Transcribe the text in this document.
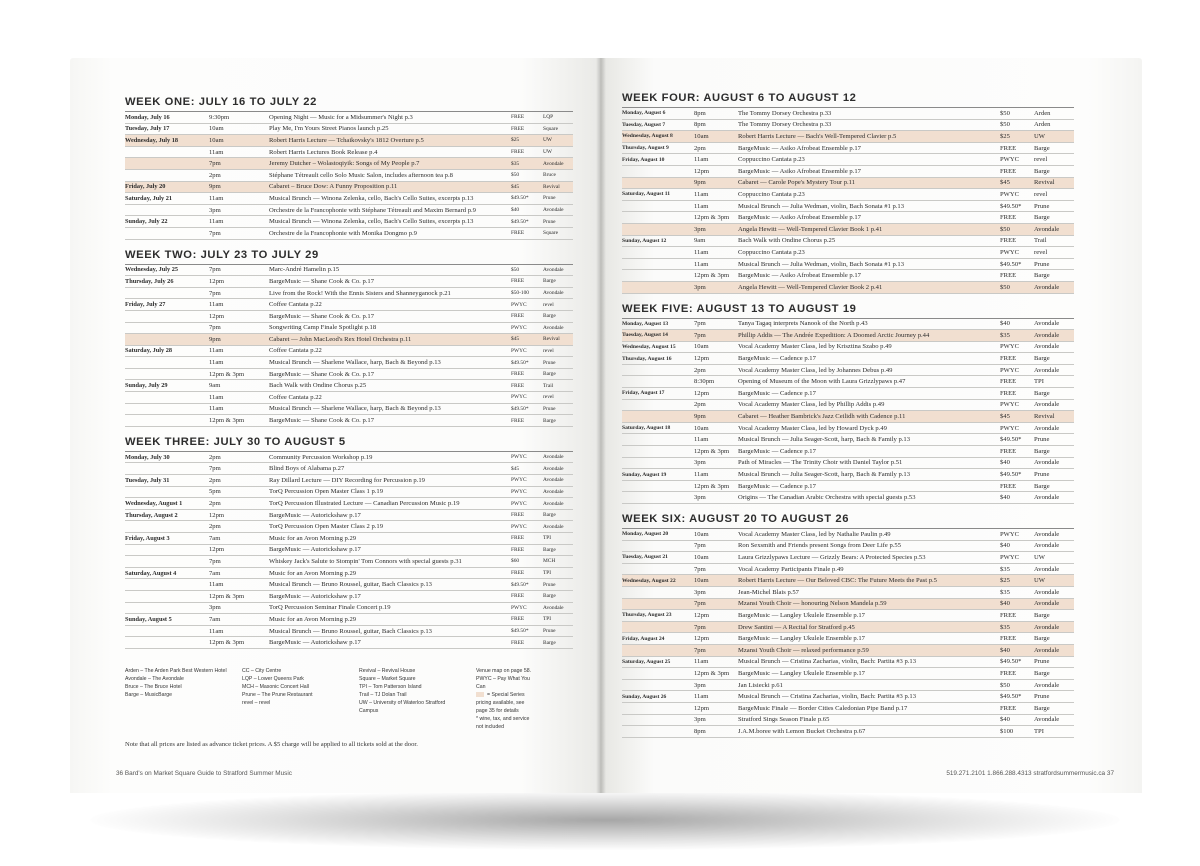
WEEK ONE: JULY 16 TO JULY 22
Monday, July 16	9:30pm	Opening Night — Music for a Midsummer's Night p.3	FREE	LQP
Tuesday, July 17	10am	Play Me, I'm Yours Street Pianos launch p.25	FREE	Square
Wednesday, July 18	10am	Robert Harris Lecture — Tchaikovsky's 1812 Overture p.5	$25	UW
11am	Robert Harris Lectures Book Release p.4	FREE	UW
7pm	Jeremy Dutcher – Wolastoqiyik: Songs of My People p.7	$35	Avondale
2pm	Stéphane Tétreault cello Solo Music Salon, includes afternoon tea p.8	$50	Bruce
Friday, July 20	9pm	Cabaret – Bruce Dow: A Funny Proposition p.11	$45	Revival
Saturday, July 21	11am	Musical Brunch — Winona Zelenka, cello, Bach's Cello Suites, excerpts p.13	$49.50*	Prune
3pm	Orchestre de la Francophonie with Stéphane Tétreault and Maxim Bernard p.9	$40	Avondale
Sunday, July 22	11am	Musical Brunch — Winona Zelenka, cello, Bach's Cello Suites, excerpts p.13	$49.50*	Prune
7pm	Orchestre de la Francophonie with Monika Dongmo p.9	FREE	Square
WEEK TWO: JULY 23 TO JULY 29
Wednesday, July 25	7pm	Marc-André Hamelin p.15	$50	Avondale
Thursday, July 26	12pm	BargeMusic — Shane Cook & Co. p.17	FREE	Barge
7pm	Live from the Rock! With the Ennis Sisters and Shanneyganock p.21	$50-100	Avondale
Friday, July 27	11am	Coffee Cantata p.22	PWYC	revel
12pm	BargeMusic — Shane Cook & Co. p.17	FREE	Barge
7pm	Songwriting Camp Finale Spotlight p.18	PWYC	Avondale
9pm	Cabaret — John MacLeod's Rex Hotel Orchestra p.11	$45	Revival
Saturday, July 28	11am	Coffee Cantata p.22	PWYC	revel
11am	Musical Brunch — Sharlene Wallace, harp, Bach & Beyond p.13	$49.50*	Prune
12pm & 3pm	BargeMusic — Shane Cook & Co. p.17	FREE	Barge
Sunday, July 29	9am	Bach Walk with Ondine Chorus p.25	FREE	Trail
11am	Coffee Cantata p.22	PWYC	revel
11am	Musical Brunch — Sharlene Wallace, harp, Bach & Beyond p.13	$49.50*	Prune
12pm & 3pm	BargeMusic — Shane Cook & Co. p.17	FREE	Barge
WEEK THREE: JULY 30 TO AUGUST 5
Monday, July 30	2pm	Community Percussion Workshop p.19	PWYC	Avondale
7pm	Blind Boys of Alabama p.27	$45	Avondale
Tuesday, July 31	2pm	Ray Dillard Lecture — DIY Recording for Percussion p.19	PWYC	Avondale
5pm	TorQ Percussion Open Master Class 1 p.19	PWYC	Avondale
Wednesday, August 1	2pm	TorQ Percussion Illustrated Lecture — Canadian Percussion Music p.19	PWYC	Avondale
Thursday, August 2	12pm	BargeMusic — Autorickshaw p.17	FREE	Barge
2pm	TorQ Percussion Open Master Class 2 p.19	PWYC	Avondale
Friday, August 3	7am	Music for an Avon Morning p.29	FREE	TPI
12pm	BargeMusic — Autorickshaw p.17	FREE	Barge
7pm	Whiskey Jack's Salute to Stompin' Tom Connors with special guests p.31	$60	MCH
Saturday, August 4	7am	Music for an Avon Morning p.29	FREE	TPI
11am	Musical Brunch — Bruno Roussel, guitar, Bach Classics p.13	$49.50*	Prune
12pm & 3pm	BargeMusic — Autorickshaw p.17	FREE	Barge
3pm	TorQ Percussion Seminar Finale Concert p.19	PWYC	Avondale
Sunday, August 5	7am	Music for an Avon Morning p.29	FREE	TPI
11am	Musical Brunch — Bruno Roussel, guitar, Bach Classics p.13	$49.50*	Prune
12pm & 3pm	BargeMusic — Autorickshaw p.17	FREE	Barge
Arden – The Arden Park Best Western Hotel
Avondale – The Avondale
Bruce – The Bruce Hotel
Barge – MusicBarge
CC – City Centre
LQP – Lower Queens Park
MCH – Masonic Concert Hall
Prune – The Prune Restaurant
revel – revel
Revival – Revival House
Square – Market Square
TPI – Tom Patterson Island
Trail – TJ Dolan Trail
UW – University of Waterloo Stratford Campus
Venue map on page 58.
PWYC – Pay What You Can
= Special Series pricing available, see page 35 for details
* wine, tax, and service not included
Note that all prices are listed as advance ticket prices. A $5 charge will be applied to all tickets sold at the door.
36 Bard's on Market Square Guide to Stratford Summer Music
WEEK FOUR: AUGUST 6 TO AUGUST 12
Monday, August 6	8pm	The Tommy Dorsey Orchestra p.33	$50	Arden
Tuesday, August 7	8pm	The Tommy Dorsey Orchestra p.33	$50	Arden
Wednesday, August 8	10am	Robert Harris Lecture — Bach's Well-Tempered Clavier p.5	$25	UW
Thursday, August 9	2pm	BargeMusic — Asiko Afrobeat Ensemble p.17	FREE	Barge
Friday, August 10	11am	Coppuccino Cantata p.23	PWYC	revel
12pm	BargeMusic — Asiko Afrobeat Ensemble p.17	FREE	Barge
9pm	Cabaret — Carole Pope's Mystery Tour p.11	$45	Revival
Saturday, August 11	11am	Coppuccino Cantata p.23	PWYC	revel
11am	Musical Brunch — Julia Wedman, violin, Bach Sonata #1 p.13	$49.50*	Prune
12pm & 3pm	BargeMusic — Asiko Afrobeat Ensemble p.17	FREE	Barge
3pm	Angela Hewitt — Well-Tempered Clavier Book 1 p.41	$50	Avondale
Sunday, August 12	9am	Bach Walk with Ondine Chorus p.25	FREE	Trail
11am	Coppuccino Cantata p.23	PWYC	revel
11am	Musical Brunch — Julia Wedman, violin, Bach Sonata #1 p.13	$49.50*	Prune
12pm & 3pm	BargeMusic — Asiko Afrobeat Ensemble p.17	FREE	Barge
3pm	Angela Hewitt — Well-Tempered Clavier Book 2 p.41	$50	Avondale
WEEK FIVE: AUGUST 13 TO AUGUST 19
Monday, August 13	7pm	Tanya Tagaq interprets Nanook of the North p.43	$40	Avondale
Tuesday, August 14	7pm	Phillip Addis — The Andrée Expedition: A Doomed Arctic Journey p.44	$35	Avondale
Wednesday, August 15	10am	Vocal Academy Master Class, led by Krisztina Szabo p.49	PWYC	Avondale
Thursday, August 16	12pm	BargeMusic — Cadence p.17	FREE	Barge
2pm	Vocal Academy Master Class, led by Johannes Debus p.49	PWYC	Avondale
8:30pm	Opening of Museum of the Moon with Laura Grizzlypaws p.47	FREE	TPI
Friday, August 17	12pm	BargeMusic — Cadence p.17	FREE	Barge
2pm	Vocal Academy Master Class, led by Phillip Addis p.49	PWYC	Avondale
9pm	Cabaret — Heather Bambrick's Jazz Ceilidh with Cadence p.11	$45	Revival
Saturday, August 18	10am	Vocal Academy Master Class, led by Howard Dyck p.49	PWYC	Avondale
11am	Musical Brunch — Julia Seager-Scott, harp, Bach & Family p.13	$49.50*	Prune
12pm & 3pm	BargeMusic — Cadence p.17	FREE	Barge
3pm	Path of Miracles — The Trinity Choir with Daniel Taylor p.51	$40	Avondale
Sunday, August 19	11am	Musical Brunch — Julia Seager-Scott, harp, Bach & Family p.13	$49.50*	Prune
12pm & 3pm	BargeMusic — Cadence p.17	FREE	Barge
3pm	Origins — The Canadian Arabic Orchestra with special guests p.53	$40	Avondale
WEEK SIX: AUGUST 20 TO AUGUST 26
Monday, August 20	10am	Vocal Academy Master Class, led by Nathalie Paulin p.49	PWYC	Avondale
7pm	Ron Sexsmith and Friends present Songs from Deer Life p.55	$40	Avondale
Tuesday, August 21	10am	Laura Grizzlypaws Lecture — Grizzly Bears: A Protected Species p.53	PWYC	UW
7pm	Vocal Academy Participants Finale p.49	$35	Avondale
Wednesday, August 22	10am	Robert Harris Lecture — Our Beloved CBC: The Future Meets the Past p.5	$25	UW
3pm	Jean-Michel Blais p.57	$35	Avondale
7pm	Mzansi Youth Choir — honouring Nelson Mandela p.59	$40	Avondale
Thursday, August 23	12pm	BargeMusic — Langley Ukulele Ensemble p.17	FREE	Barge
7pm	Drew Santini — A Recital for Stratford p.45	$35	Avondale
Friday, August 24	12pm	BargeMusic — Langley Ukulele Ensemble p.17	FREE	Barge
7pm	Mzansi Youth Choir — relaxed performance p.59	$40	Avondale
Saturday, August 25	11am	Musical Brunch — Cristina Zacharias, violin, Bach: Partita #3 p.13	$49.50*	Prune
12pm & 3pm	BargeMusic — Langley Ukulele Ensemble p.17	FREE	Barge
3pm	Jan Lisiecki p.61	$50	Avondale
Sunday, August 26	11am	Musical Brunch — Cristina Zacharias, violin, Bach: Partita #3 p.13	$49.50*	Prune
12pm	BargeMusic Finale — Border Cities Caledonian Pipe Band p.17	FREE	Barge
3pm	Stratford Sings Season Finale p.65	$40	Avondale
8pm	J.A.M.boree with Lemon Bucket Orchestra p.67	$100	TPI
519.271.2101 1.866.288.4313 stratfordsummermusic.ca 37
